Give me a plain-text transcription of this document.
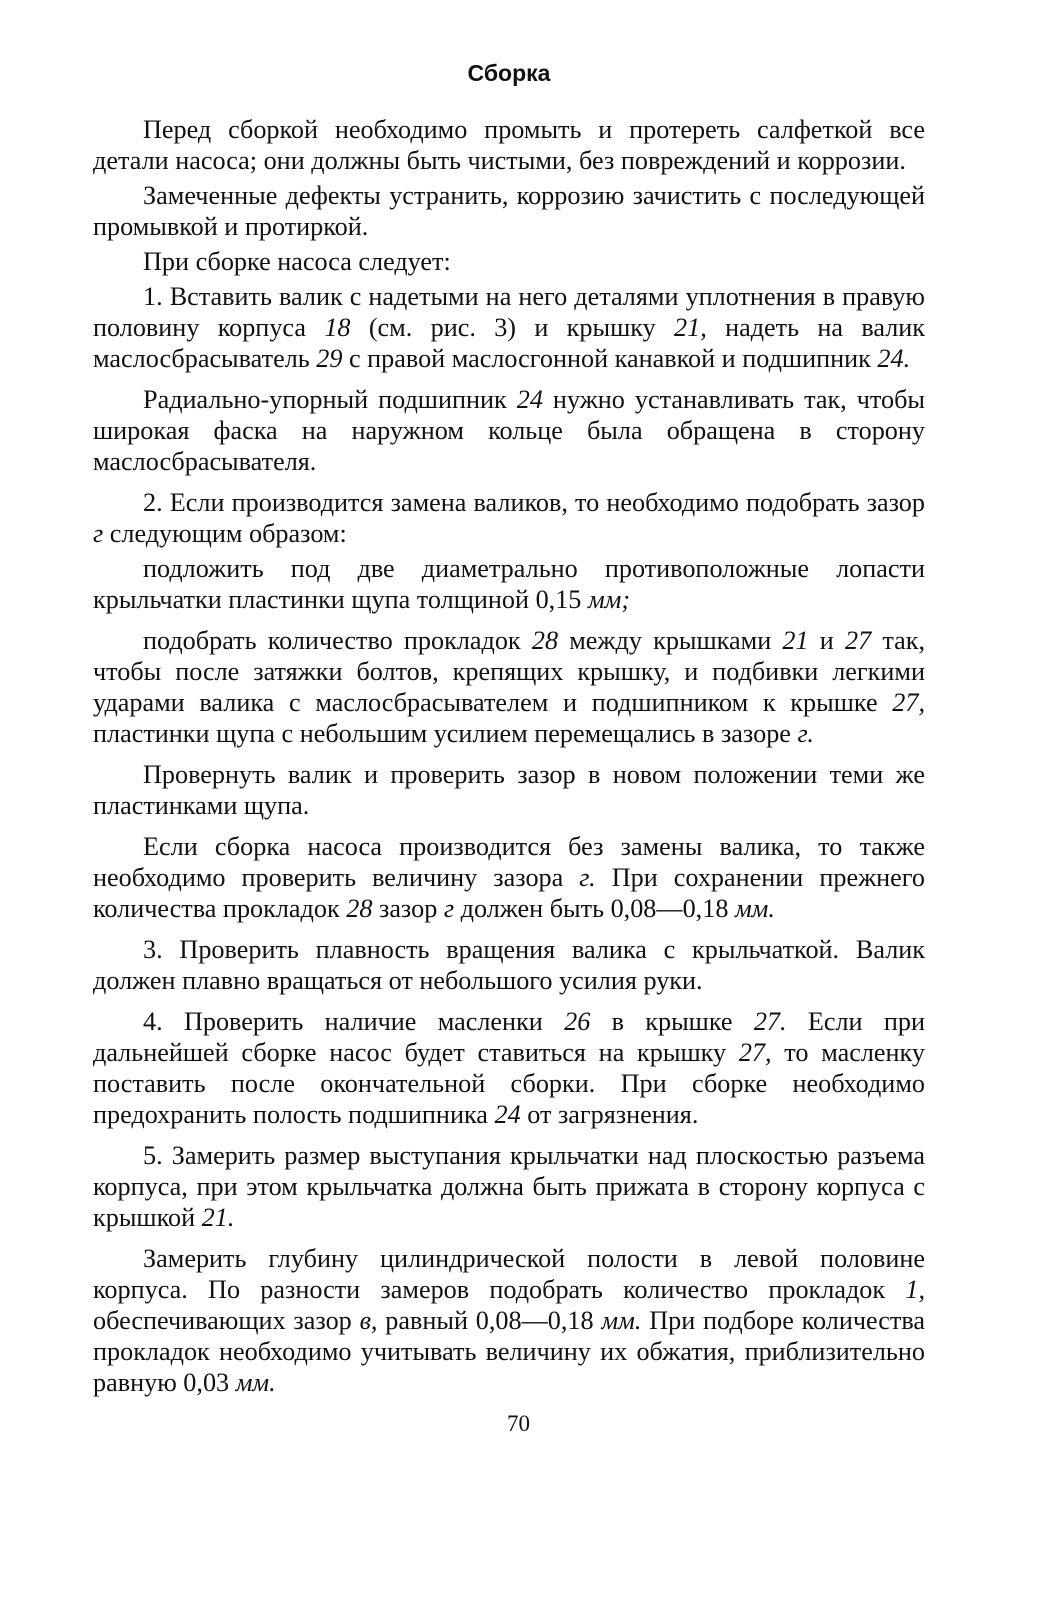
Сборка

Перед сборкой необходимо промыть и протереть салфеткой все детали насоса; они должны быть чистыми, без повреждений и коррозии.

Замеченные дефекты устранить, коррозию зачистить с последующей промывкой и протиркой.

При сборке насоса следует:

1. Вставить валик с надетыми на него деталями уплотнения в правую половину корпуса 18 (см. рис. 3) и крышку 21, надеть на валик маслосбрасыватель 29 с правой маслосгонной канавкой и подшипник 24.

Радиально-упорный подшипник 24 нужно устанавливать так, чтобы широкая фаска на наружном кольце была обращена в сторону маслосбрасывателя.

2. Если производится замена валиков, то необходимо подобрать зазор г следующим образом:

подложить под две диаметрально противоположные лопасти крыльчатки пластинки щупа толщиной 0,15 мм;

подобрать количество прокладок 28 между крышками 21 и 27 так, чтобы после затяжки болтов, крепящих крышку, и подбивки легкими ударами валика с маслосбрасывателем и подшипником к крышке 27, пластинки щупа с небольшим усилием перемещались в зазоре г.

Провернуть валик и проверить зазор в новом положении теми же пластинками щупа.

Если сборка насоса производится без замены валика, то также необходимо проверить величину зазора г. При сохранении прежнего количества прокладок 28 зазор г должен быть 0,08—0,18 мм.

3. Проверить плавность вращения валика с крыльчаткой. Валик должен плавно вращаться от небольшого усилия руки.

4. Проверить наличие масленки 26 в крышке 27. Если при дальнейшей сборке насос будет ставиться на крышку 27, то масленку поставить после окончательной сборки. При сборке необходимо предохранить полость подшипника 24 от загрязнения.

5. Замерить размер выступания крыльчатки над плоскостью разъема корпуса, при этом крыльчатка должна быть прижата в сторону корпуса с крышкой 21.

Замерить глубину цилиндрической полости в левой половине корпуса. По разности замеров подобрать количество прокладок 1, обеспечивающих зазор в, равный 0,08—0,18 мм. При подборе количества прокладок необходимо учитывать величину их обжатия, приблизительно равную 0,03 мм.

70
